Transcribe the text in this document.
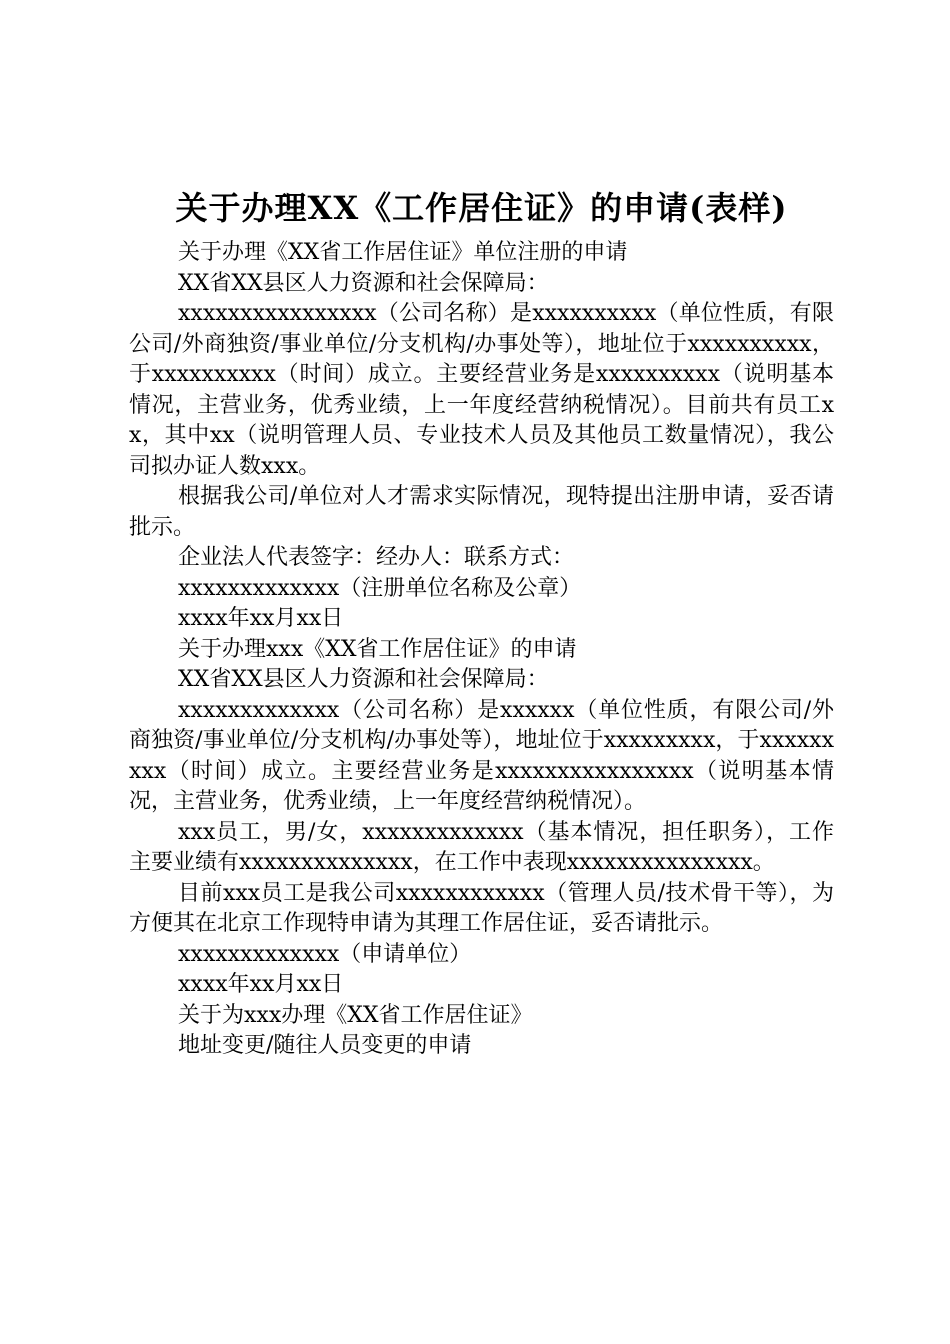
关于办理XX《工作居住证》的申请(表样)

关于办理《XX省工作居住证》单位注册的申请

XX省XX县区人力资源和社会保障局：

xxxxxxxxxxxxxxxx（公司名称）是xxxxxxxxxx（单位性质，有限公司/外商独资/事业单位/分支机构/办事处等），地址位于xxxxxxxxxx，于xxxxxxxxxx（时间）成立。主要经营业务是xxxxxxxxxx（说明基本情况，主营业务，优秀业绩，上一年度经营纳税情况）。目前共有员工xx，其中xx（说明管理人员、专业技术人员及其他员工数量情况），我公司拟办证人数xxx。

根据我公司/单位对人才需求实际情况，现特提出注册申请，妥否请批示。

企业法人代表签字：经办人：联系方式：

xxxxxxxxxxxxx（注册单位名称及公章）

xxxx年xx月xx日

关于办理xxx《XX省工作居住证》的申请

XX省XX县区人力资源和社会保障局：

xxxxxxxxxxxxx（公司名称）是xxxxxx（单位性质，有限公司/外商独资/事业单位/分支机构/办事处等），地址位于xxxxxxxxx，于xxxxxxxxx（时间）成立。主要经营业务是xxxxxxxxxxxxxxxx（说明基本情况，主营业务，优秀业绩，上一年度经营纳税情况）。

xxx员工，男/女，xxxxxxxxxxxxx（基本情况，担任职务），工作主要业绩有xxxxxxxxxxxxxx，在工作中表现xxxxxxxxxxxxxxx。

目前xxx员工是我公司xxxxxxxxxxxx（管理人员/技术骨干等），为方便其在北京工作现特申请为其理工作居住证，妥否请批示。

xxxxxxxxxxxxx（申请单位）

xxxx年xx月xx日

关于为xxx办理《XX省工作居住证》

地址变更/随往人员变更的申请
